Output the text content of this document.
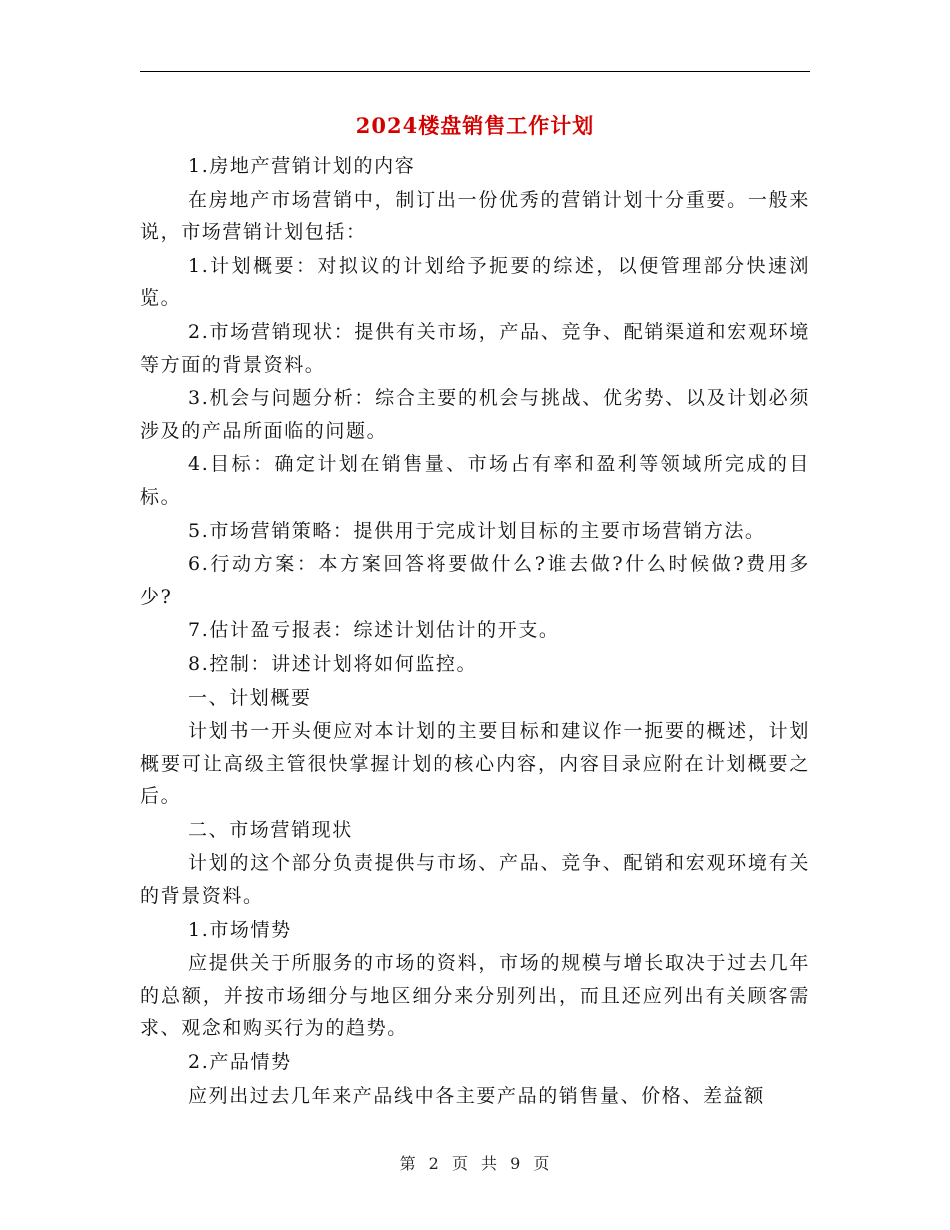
2024楼盘销售工作计划

1.房地产营销计划的内容

在房地产市场营销中，制订出一份优秀的营销计划十分重要。一般来说，市场营销计划包括：

1.计划概要：对拟议的计划给予扼要的综述，以便管理部分快速浏览。

2.市场营销现状：提供有关市场，产品、竞争、配销渠道和宏观环境等方面的背景资料。

3.机会与问题分析：综合主要的机会与挑战、优劣势、以及计划必须涉及的产品所面临的问题。

4.目标：确定计划在销售量、市场占有率和盈利等领域所完成的目标。

5.市场营销策略：提供用于完成计划目标的主要市场营销方法。

6.行动方案：本方案回答将要做什么?谁去做?什么时候做?费用多少?

7.估计盈亏报表：综述计划估计的开支。

8.控制：讲述计划将如何监控。

一、计划概要

计划书一开头便应对本计划的主要目标和建议作一扼要的概述，计划概要可让高级主管很快掌握计划的核心内容，内容目录应附在计划概要之后。

二、市场营销现状

计划的这个部分负责提供与市场、产品、竞争、配销和宏观环境有关的背景资料。

1.市场情势

应提供关于所服务的市场的资料，市场的规模与增长取决于过去几年的总额，并按市场细分与地区细分来分别列出，而且还应列出有关顾客需求、观念和购买行为的趋势。

2.产品情势

应列出过去几年来产品线中各主要产品的销售量、价格、差益额

第 2 页 共 9 页
